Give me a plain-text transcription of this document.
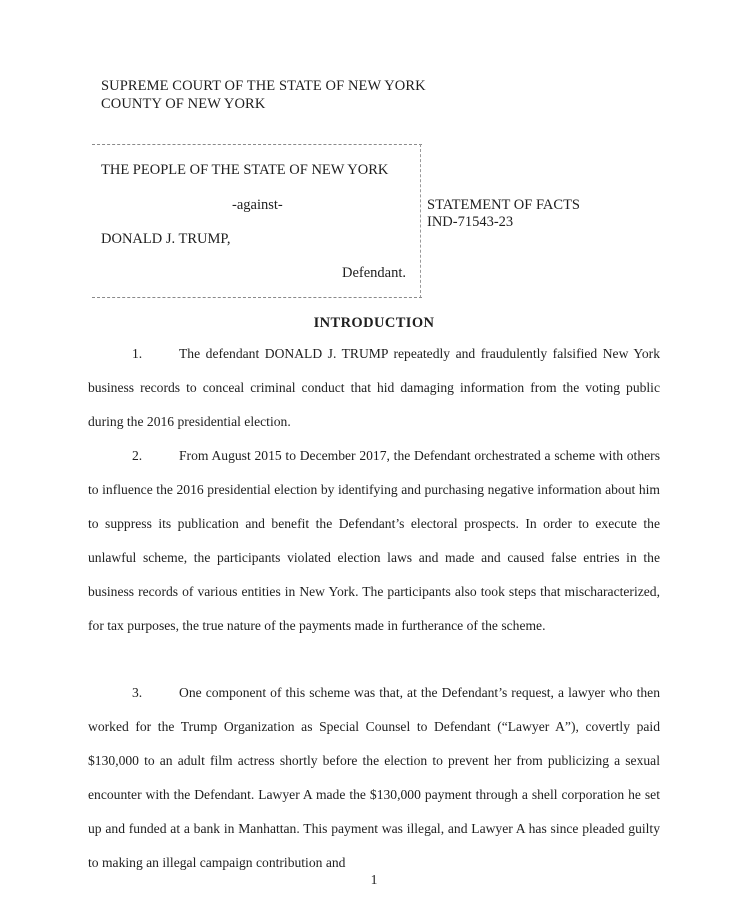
SUPREME COURT OF THE STATE OF NEW YORK
COUNTY OF NEW YORK
THE PEOPLE OF THE STATE OF NEW YORK
-against-
DONALD J. TRUMP,
Defendant.
STATEMENT OF FACTS
IND-71543-23
INTRODUCTION
1.	The defendant DONALD J. TRUMP repeatedly and fraudulently falsified New York business records to conceal criminal conduct that hid damaging information from the voting public during the 2016 presidential election.
2.	From August 2015 to December 2017, the Defendant orchestrated a scheme with others to influence the 2016 presidential election by identifying and purchasing negative information about him to suppress its publication and benefit the Defendant’s electoral prospects. In order to execute the unlawful scheme, the participants violated election laws and made and caused false entries in the business records of various entities in New York. The participants also took steps that mischaracterized, for tax purposes, the true nature of the payments made in furtherance of the scheme.
3.	One component of this scheme was that, at the Defendant’s request, a lawyer who then worked for the Trump Organization as Special Counsel to Defendant (“Lawyer A”), covertly paid $130,000 to an adult film actress shortly before the election to prevent her from publicizing a sexual encounter with the Defendant. Lawyer A made the $130,000 payment through a shell corporation he set up and funded at a bank in Manhattan. This payment was illegal, and Lawyer A has since pleaded guilty to making an illegal campaign contribution and
1
